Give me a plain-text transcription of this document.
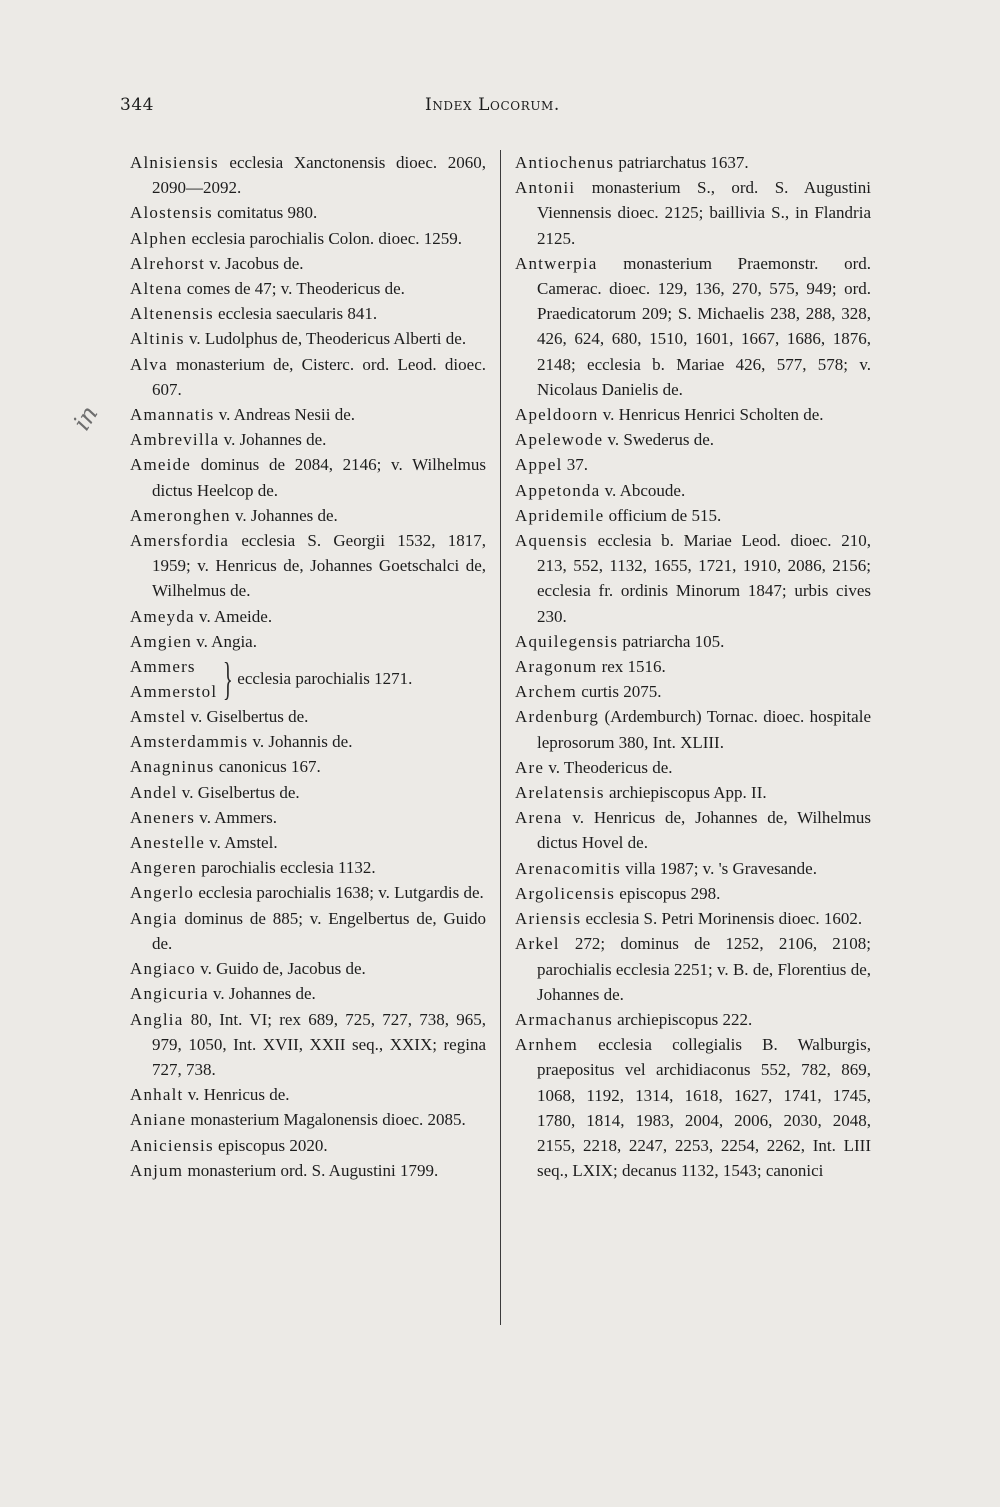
344	Index Locorum.
in

Alnisiensis ecclesia Xanctonensis dioec. 2060, 2090—2092.

Alostensis comitatus 980.

Alphen ecclesia parochialis Colon. dioec. 1259.

Alrehorst v. Jacobus de.

Altena comes de 47; v. Theodericus de.

Altenensis ecclesia saecularis 841.

Altinis v. Ludolphus de, Theodericus Alberti de.

Alva monasterium de, Cisterc. ord. Leod. dioec. 607.

Amannatis v. Andreas Nesii de.

Ambrevilla v. Johannes de.

Ameide dominus de 2084, 2146; v. Wilhelmus dictus Heelcop de.

Ameronghen v. Johannes de.

Amersfordia ecclesia S. Georgii 1532, 1817, 1959; v. Henricus de, Johannes Goetschalci de, Wilhelmus de.

Ameyda v. Ameide.

Amgien v. Angia.

Ammers
Ammerstol } ecclesia parochialis 1271.

Amstel v. Giselbertus de.

Amsterdammis v. Johannis de.

Anagninus canonicus 167.

Andel v. Giselbertus de.

Aneners v. Ammers.

Anestelle v. Amstel.

Angeren parochialis ecclesia 1132.

Angerlo ecclesia parochialis 1638; v. Lutgardis de.

Angia dominus de 885; v. Engelbertus de, Guido de.

Angiaco v. Guido de, Jacobus de.

Angicuria v. Johannes de.

Anglia 80, Int. VI; rex 689, 725, 727, 738, 965, 979, 1050, Int. XVII, XXII seq., XXIX; regina 727, 738.

Anhalt v. Henricus de.

Aniane monasterium Magalonensis dioec. 2085.

Aniciensis episcopus 2020.

Anjum monasterium ord. S. Augustini 1799.

Antiochenus patriarchatus 1637.

Antonii monasterium S., ord. S. Augustini Viennensis dioec. 2125; baillivia S., in Flandria 2125.

Antwerpia monasterium Praemonstr. ord. Camerac. dioec. 129, 136, 270, 575, 949; ord. Praedicatorum 209; S. Michaelis 238, 288, 328, 426, 624, 680, 1510, 1601, 1667, 1686, 1876, 2148; ecclesia b. Mariae 426, 577, 578; v. Nicolaus Danielis de.

Apeldoorn v. Henricus Henrici Scholten de.

Apelewode v. Swederus de.

Appel 37.

Appetonda v. Abcoude.

Apridemile officium de 515.

Aquensis ecclesia b. Mariae Leod. dioec. 210, 213, 552, 1132, 1655, 1721, 1910, 2086, 2156; ecclesia fr. ordinis Minorum 1847; urbis cives 230.

Aquilegensis patriarcha 105.

Aragonum rex 1516.

Archem curtis 2075.

Ardenburg (Ardemburch) Tornac. dioec. hospitale leprosorum 380, Int. XLIII.

Are v. Theodericus de.

Arelatensis archiepiscopus App. II.

Arena v. Henricus de, Johannes de, Wilhelmus dictus Hovel de.

Arenacomitis villa 1987; v. 's Gravesande.

Argolicensis episcopus 298.

Ariensis ecclesia S. Petri Morinensis dioec. 1602.

Arkel 272; dominus de 1252, 2106, 2108; parochialis ecclesia 2251; v. B. de, Florentius de, Johannes de.

Armachanus archiepiscopus 222.

Arnhem ecclesia collegialis B. Walburgis, praepositus vel archidiaconus 552, 782, 869, 1068, 1192, 1314, 1618, 1627, 1741, 1745, 1780, 1814, 1983, 2004, 2006, 2030, 2048, 2155, 2218, 2247, 2253, 2254, 2262, Int. LIII seq., LXIX; decanus 1132, 1543; canonici
